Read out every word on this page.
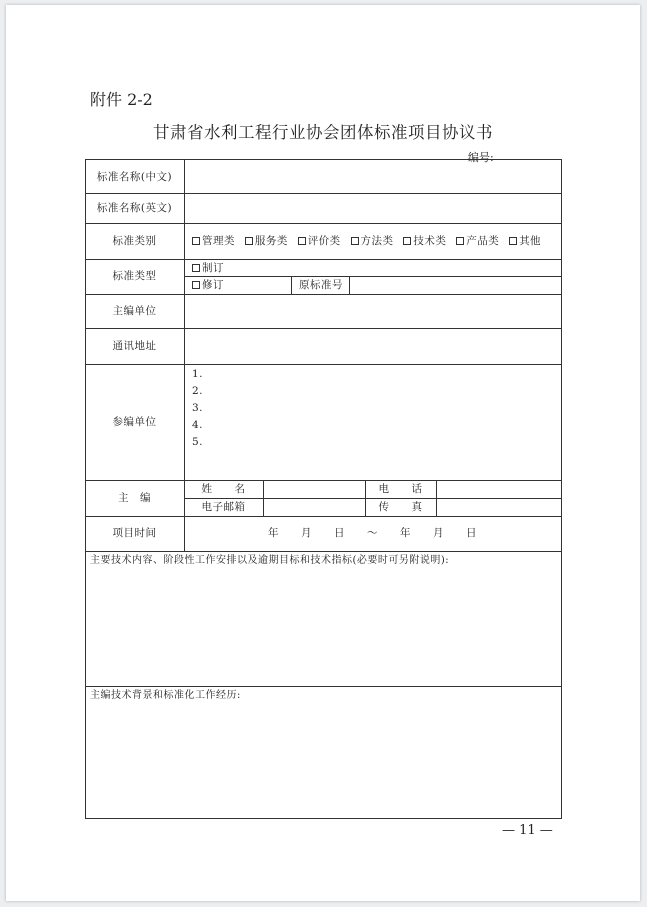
附件 2-2
甘肃省水利工程行业协会团体标准项目协议书
编号:
标准名称(中文)
标准名称(英文)
标准类别
标准类型
主编单位
通讯地址
参编单位
主　编
项目时间
管理类 服务类 评价类 方法类 技术类 产品类 其他
制订
修订	原标准号
1.
2.
3.
4.
5.
姓　　名
电子邮箱
电　　话
传　　真
年　　月　　日　　～　　年　　月　　日
主要技术内容、阶段性工作安排以及逾期目标和技术指标(必要时可另附说明):
主编技术背景和标准化工作经历:
— 11 —
